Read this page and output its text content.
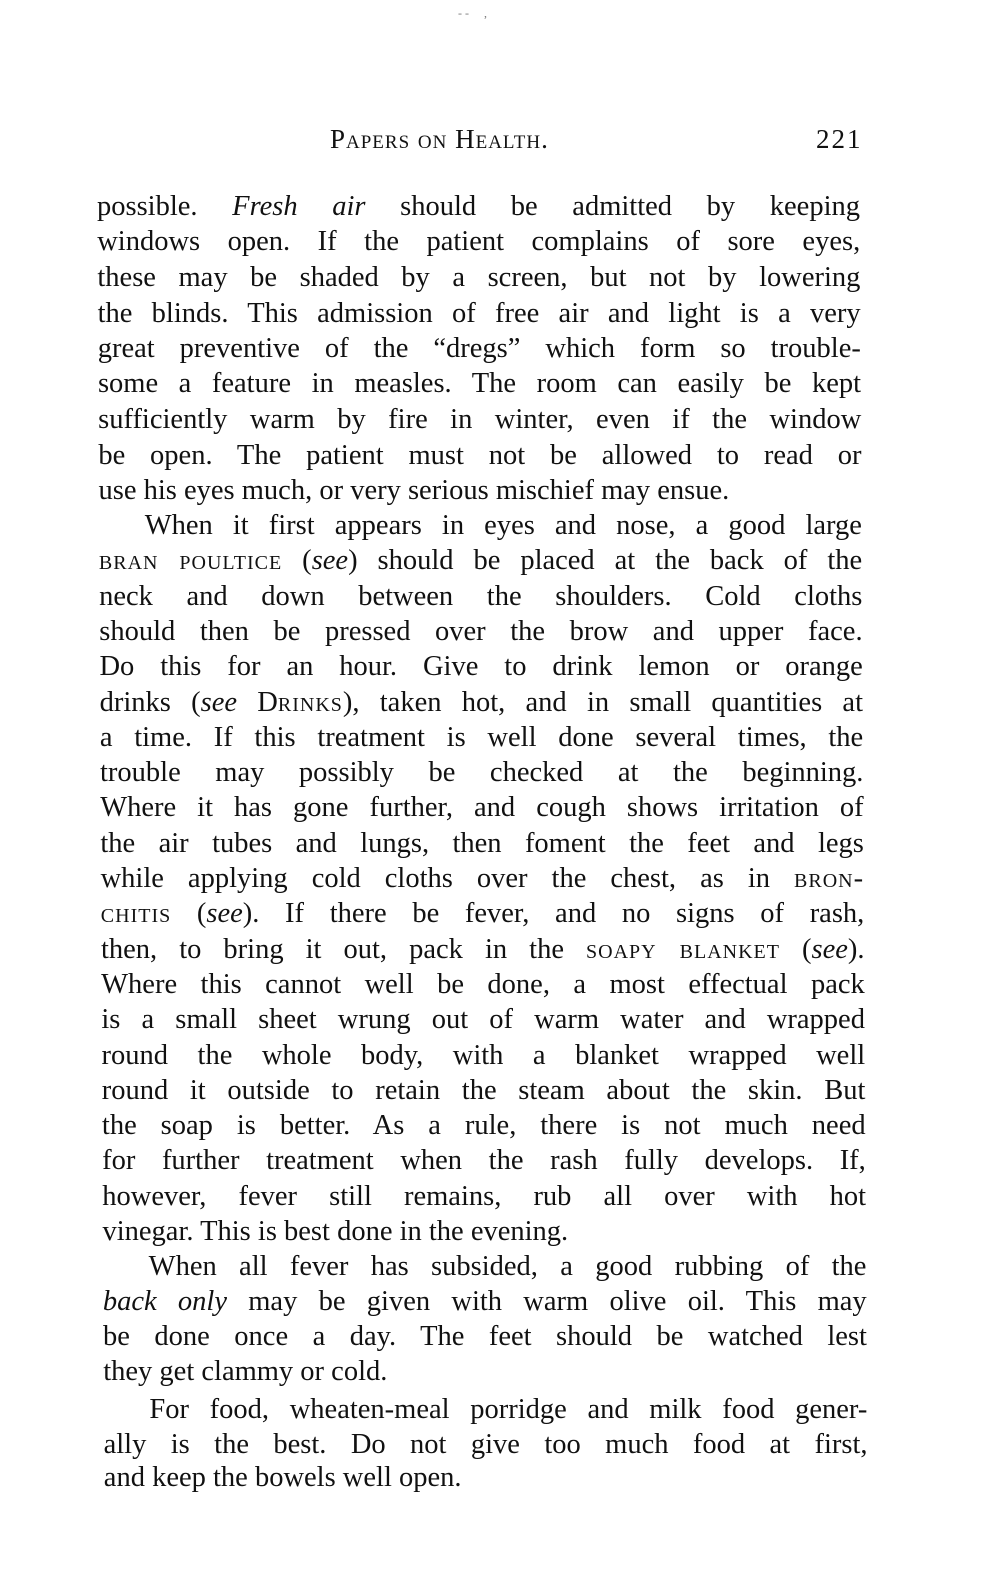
- -     ,
Papers on Health.	221
possible. Fresh air should be admitted by keeping
windows open. If the patient complains of sore eyes,
these may be shaded by a screen, but not by lowering
the blinds. This admission of free air and light is a very
great preventive of the “dregs” which form so trouble-
some a feature in measles. The room can easily be kept
sufficiently warm by fire in winter, even if the window
be open. The patient must not be allowed to read or
use his eyes much, or very serious mischief may ensue.
When it first appears in eyes and nose, a good large
bran poultice (see) should be placed at the back of the
neck and down between the shoulders. Cold cloths
should then be pressed over the brow and upper face.
Do this for an hour. Give to drink lemon or orange
drinks (see Drinks), taken hot, and in small quantities at
a time. If this treatment is well done several times, the
trouble may possibly be checked at the beginning.
Where it has gone further, and cough shows irritation of
the air tubes and lungs, then foment the feet and legs
while applying cold cloths over the chest, as in bron-
chitis (see). If there be fever, and no signs of rash,
then, to bring it out, pack in the soapy blanket (see).
Where this cannot well be done, a most effectual pack
is a small sheet wrung out of warm water and wrapped
round the whole body, with a blanket wrapped well
round it outside to retain the steam about the skin. But
the soap is better. As a rule, there is not much need
for further treatment when the rash fully develops. If,
however, fever still remains, rub all over with hot
vinegar. This is best done in the evening.
When all fever has subsided, a good rubbing of the
back only may be given with warm olive oil. This may
be done once a day. The feet should be watched lest
they get clammy or cold.
For food, wheaten-meal porridge and milk food gener-
ally is the best. Do not give too much food at first,
and keep the bowels well open.
